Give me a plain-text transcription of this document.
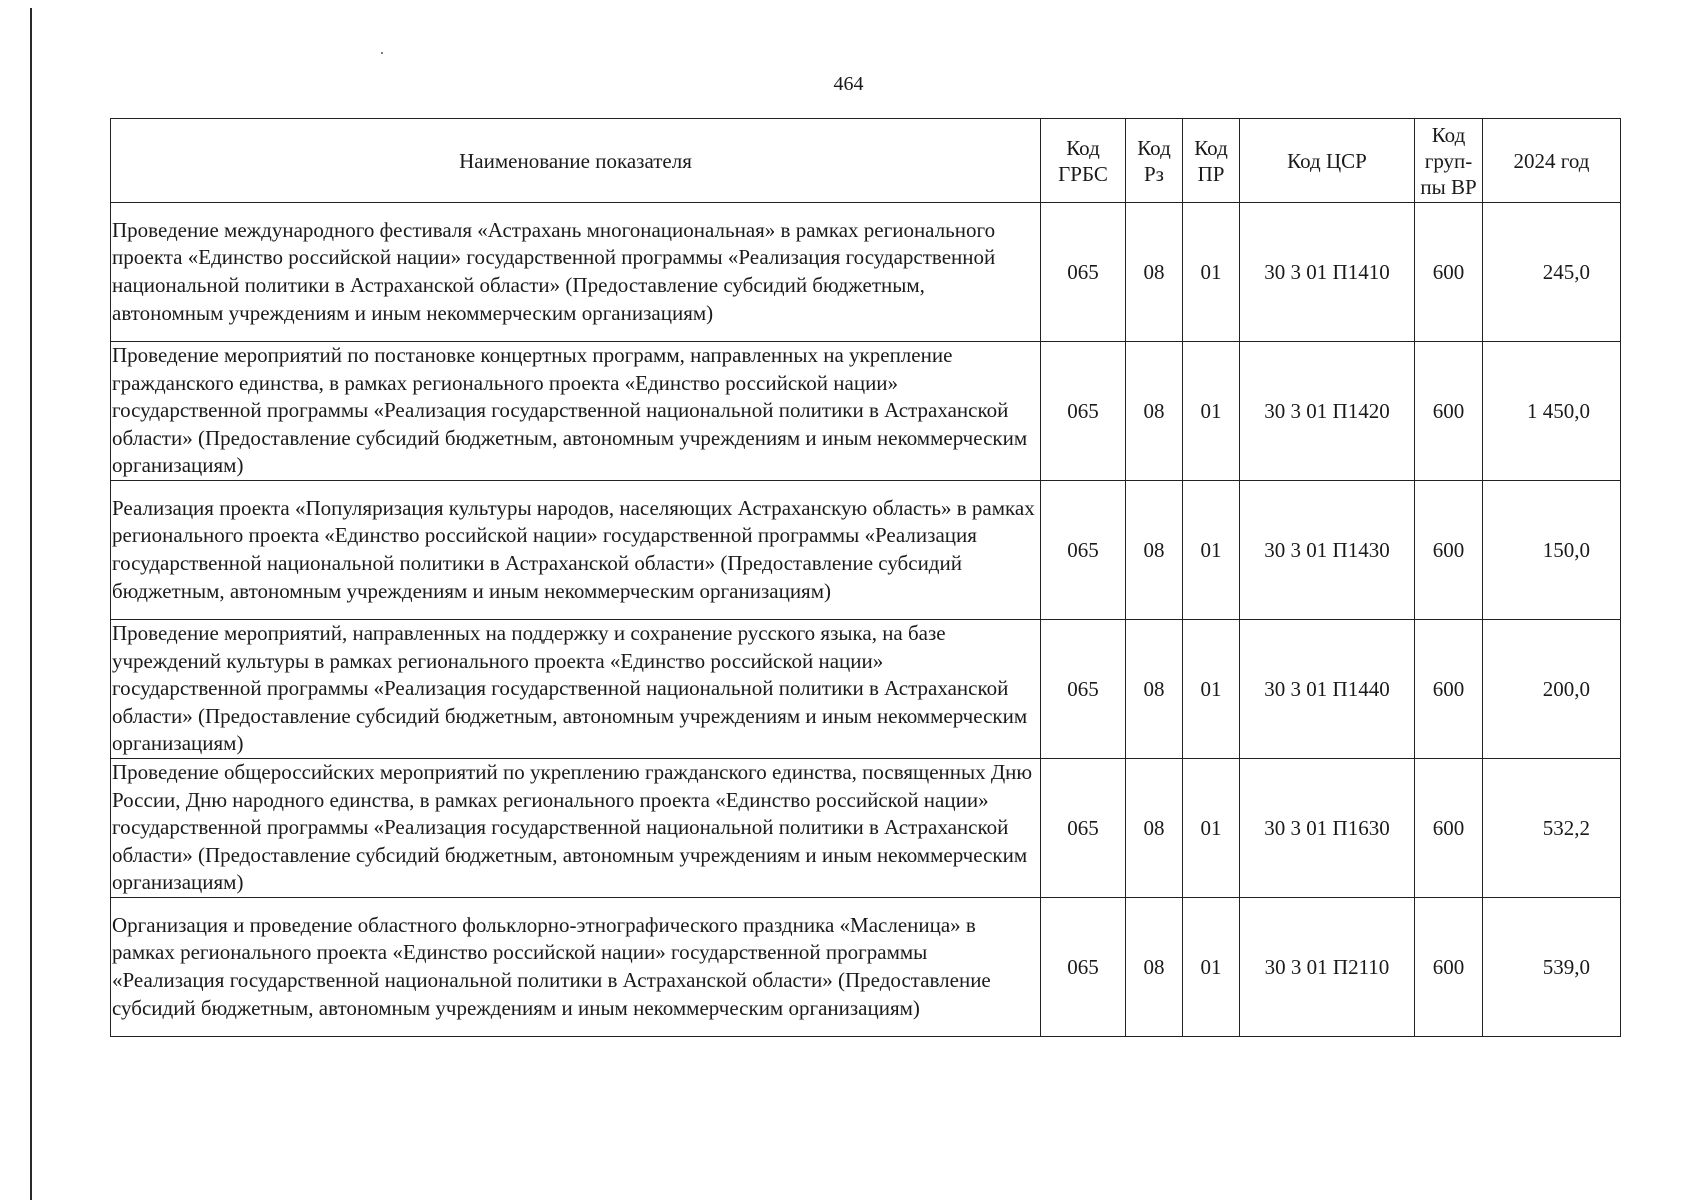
464
Наименование показателя	Код ГРБС	Код Рз	Код ПР	Код ЦСР	Код груп-пы ВР	2024 год
Проведение международного фестиваля «Астрахань многонациональная» в рамках регионального проекта «Единство российской нации» государственной программы «Реализация государственной национальной политики в Астраханской области» (Предоставление субсидий бюджетным, автономным учреждениям и иным некоммерческим организациям)	065	08	01	30 3 01 П1410	600	245,0
Проведение мероприятий по постановке концертных программ, направленных на укрепление гражданского единства, в рамках регионального проекта «Единство российской нации» государственной программы «Реализация государственной национальной политики в Астраханской области» (Предоставление субсидий бюджетным, автономным учреждениям и иным некоммерческим организациям)	065	08	01	30 3 01 П1420	600	1 450,0
Реализация проекта «Популяризация культуры народов, населяющих Астраханскую область» в рамках регионального проекта «Единство российской нации» государственной программы «Реализация государственной национальной политики в Астраханской области» (Предоставление субсидий бюджетным, автономным учреждениям и иным некоммерческим организациям)	065	08	01	30 3 01 П1430	600	150,0
Проведение мероприятий, направленных на поддержку и сохранение русского языка, на базе учреждений культуры в рамках регионального проекта «Единство российской нации» государственной программы «Реализация государственной национальной политики в Астраханской области» (Предоставление субсидий бюджетным, автономным учреждениям и иным некоммерческим организациям)	065	08	01	30 3 01 П1440	600	200,0
Проведение общероссийских мероприятий по укреплению гражданского единства, посвященных Дню России, Дню народного единства, в рамках регионального проекта «Единство российской нации» государственной программы «Реализация государственной национальной политики в Астраханской области» (Предоставление субсидий бюджетным, автономным учреждениям и иным некоммерческим организациям)	065	08	01	30 3 01 П1630	600	532,2
Организация и проведение областного фольклорно-этнографического праздника «Масленица» в рамках регионального проекта «Единство российской нации» государственной программы «Реализация государственной национальной политики в Астраханской области» (Предоставление субсидий бюджетным, автономным учреждениям и иным некоммерческим организациям)	065	08	01	30 3 01 П2110	600	539,0
